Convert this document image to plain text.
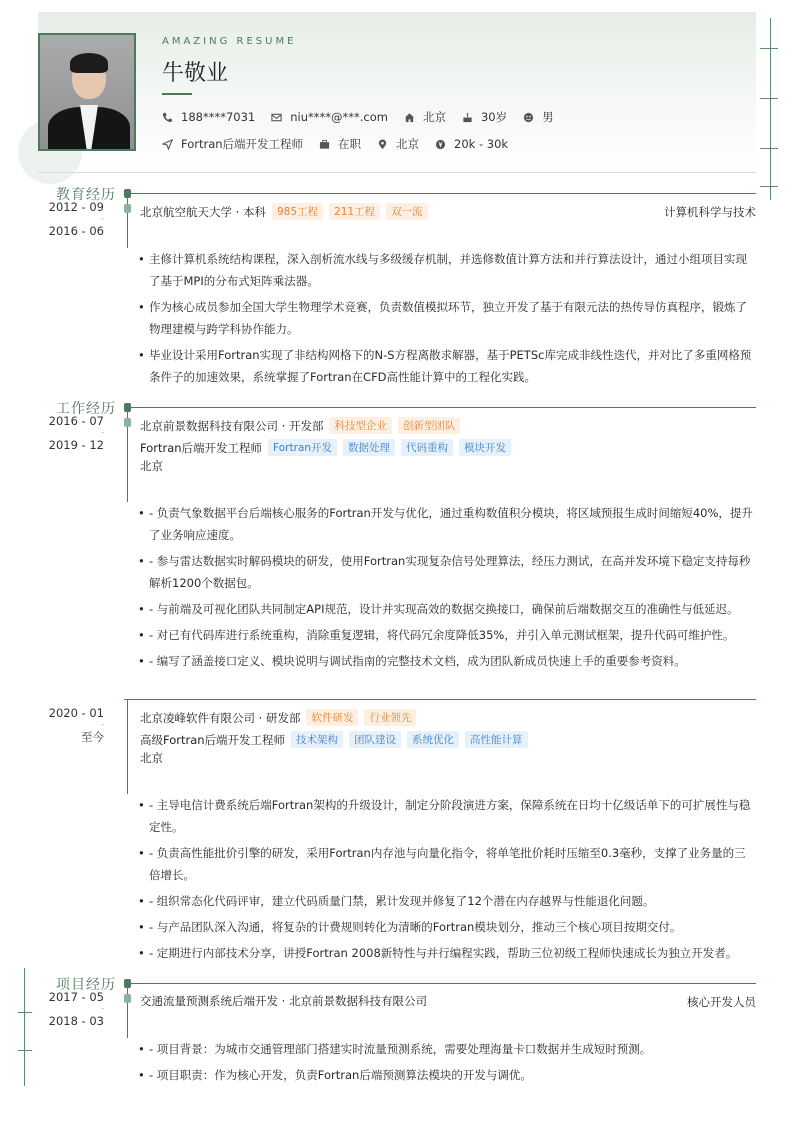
AMAZING RESUME
牛敬业
188****7031	niu****@***.com	北京	30岁	男
Fortran后端开发工程师	在职	北京	20k - 30k
教育经历
2012 - 09
-
2016 - 06
北京航空航天大学 · 本科	985工程	211工程	双一流	计算机科学与技术
• 主修计算机系统结构课程，深入剖析流水线与多级缓存机制，并选修数值计算方法和并行算法设计，通过小组项目实现了基于MPI的分布式矩阵乘法器。
• 作为核心成员参加全国大学生物理学术竞赛，负责数值模拟环节，独立开发了基于有限元法的热传导仿真程序，锻炼了物理建模与跨学科协作能力。
• 毕业设计采用Fortran实现了非结构网格下的N-S方程离散求解器，基于PETSc库完成非线性迭代，并对比了多重网格预条件子的加速效果，系统掌握了Fortran在CFD高性能计算中的工程化实践。
工作经历
2016 - 07
-
2019 - 12
北京前景数据科技有限公司 · 开发部	科技型企业	创新型团队
Fortran后端开发工程师	Fortran开发	数据处理	代码重构	模块开发
北京
• - 负责气象数据平台后端核心服务的Fortran开发与优化，通过重构数值积分模块，将区域预报生成时间缩短40%，提升了业务响应速度。
• - 参与雷达数据实时解码模块的研发，使用Fortran实现复杂信号处理算法，经压力测试，在高并发环境下稳定支持每秒解析1200个数据包。
• - 与前端及可视化团队共同制定API规范，设计并实现高效的数据交换接口，确保前后端数据交互的准确性与低延迟。
• - 对已有代码库进行系统重构，消除重复逻辑，将代码冗余度降低35%，并引入单元测试框架，提升代码可维护性。
• - 编写了涵盖接口定义、模块说明与调试指南的完整技术文档，成为团队新成员快速上手的重要参考资料。
2020 - 01
-
至今
北京凌峰软件有限公司 · 研发部	软件研发	行业领先
高级Fortran后端开发工程师	技术架构	团队建设	系统优化	高性能计算
北京
• - 主导电信计费系统后端Fortran架构的升级设计，制定分阶段演进方案，保障系统在日均十亿级话单下的可扩展性与稳定性。
• - 负责高性能批价引擎的研发，采用Fortran内存池与向量化指令，将单笔批价耗时压缩至0.3毫秒，支撑了业务量的三倍增长。
• - 组织常态化代码评审，建立代码质量门禁，累计发现并修复了12个潜在内存越界与性能退化问题。
• - 与产品团队深入沟通，将复杂的计费规则转化为清晰的Fortran模块划分，推动三个核心项目按期交付。
• - 定期进行内部技术分享，讲授Fortran 2008新特性与并行编程实践，帮助三位初级工程师快速成长为独立开发者。
项目经历
2017 - 05
-
2018 - 03
交通流量预测系统后端开发 · 北京前景数据科技有限公司	核心开发人员
• - 项目背景：为城市交通管理部门搭建实时流量预测系统，需要处理海量卡口数据并生成短时预测。
• - 项目职责：作为核心开发，负责Fortran后端预测算法模块的开发与调优。
